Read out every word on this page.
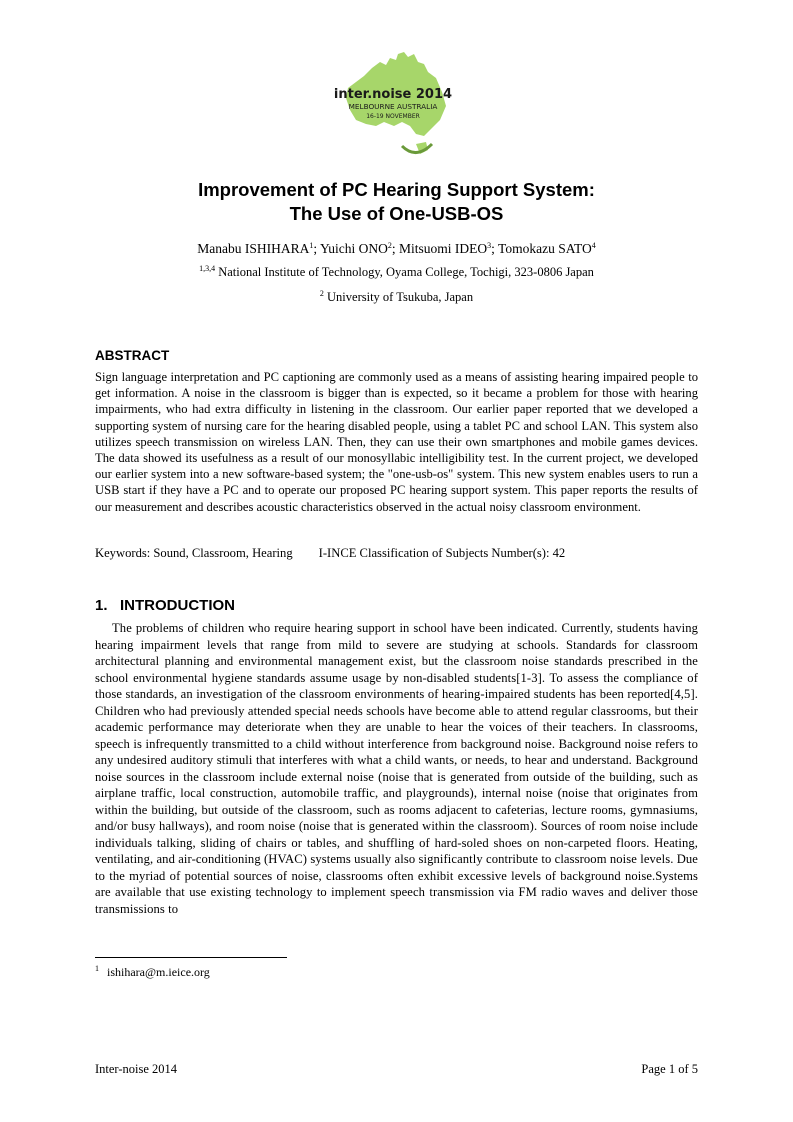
inter.noise 2014
MELBOURNE AUSTRALIA
16-19 NOVEMBER
Improvement of PC Hearing Support System:
The Use of One-USB-OS
Manabu ISHIHARA$^1$; Yuichi ONO$^2$; Mitsuomi IDEO$^3$; Tomokazu SATO$^4$
$^{1,3,4}$ National Institute of Technology, Oyama College, Tochigi, 323-0806 Japan
$^2$ University of Tsukuba, Japan
ABSTRACT

Sign language interpretation and PC captioning are commonly used as a means of assisting hearing impaired people to get information. A noise in the classroom is bigger than is expected, so it became a problem for those with hearing impairments, who had extra difficulty in listening in the classroom. Our earlier paper reported that we developed a supporting system of nursing care for the hearing disabled people, using a tablet PC and school LAN. This system also utilizes speech transmission on wireless LAN. Then, they can use their own smartphones and mobile games devices. The data showed its usefulness as a result of our monosyllabic intelligibility test. In the current project, we developed our earlier system into a new software-based system; the "one-usb-os" system. This new system enables users to run a USB start if they have a PC and to operate our proposed PC hearing support system. This paper reports the results of our measurement and describes acoustic characteristics observed in the actual noisy classroom environment.

Keywords: Sound, Classroom, Hearing I-INCE Classification of Subjects Number(s): 42
1.   INTRODUCTION

The problems of children who require hearing support in school have been indicated. Currently, students having hearing impairment levels that range from mild to severe are studying at schools. Standards for classroom architectural planning and environmental management exist, but the classroom noise standards prescribed in the school environmental hygiene standards assume usage by non-disabled students[1-3]. To assess the compliance of those standards, an investigation of the classroom environments of hearing-impaired students has been reported[4,5]. Children who had previously attended special needs schools have become able to attend regular classrooms, but their academic performance may deteriorate when they are unable to hear the voices of their teachers. In classrooms, speech is infrequently transmitted to a child without interference from background noise. Background noise refers to any undesired auditory stimuli that interferes with what a child wants, or needs, to hear and understand. Background noise sources in the classroom include external noise (noise that is generated from outside of the building, such as airplane traffic, local construction, automobile traffic, and playgrounds), internal noise (noise that originates from within the building, but outside of the classroom, such as rooms adjacent to cafeterias, lecture rooms, gymnasiums, and/or busy hallways), and room noise (noise that is generated within the classroom). Sources of room noise include individuals talking, sliding of chairs or tables, and shuffling of hard-soled shoes on non-carpeted floors. Heating, ventilating, and air-conditioning (HVAC) systems usually also significantly contribute to classroom noise levels. Due to the myriad of potential sources of noise, classrooms often exhibit excessive levels of background noise.Systems are available that use existing technology to implement speech transmission via FM radio waves and deliver those transmissions to

$^1$ ishihara@m.ieice.org
Inter-noise 2014	Page 1 of 5
